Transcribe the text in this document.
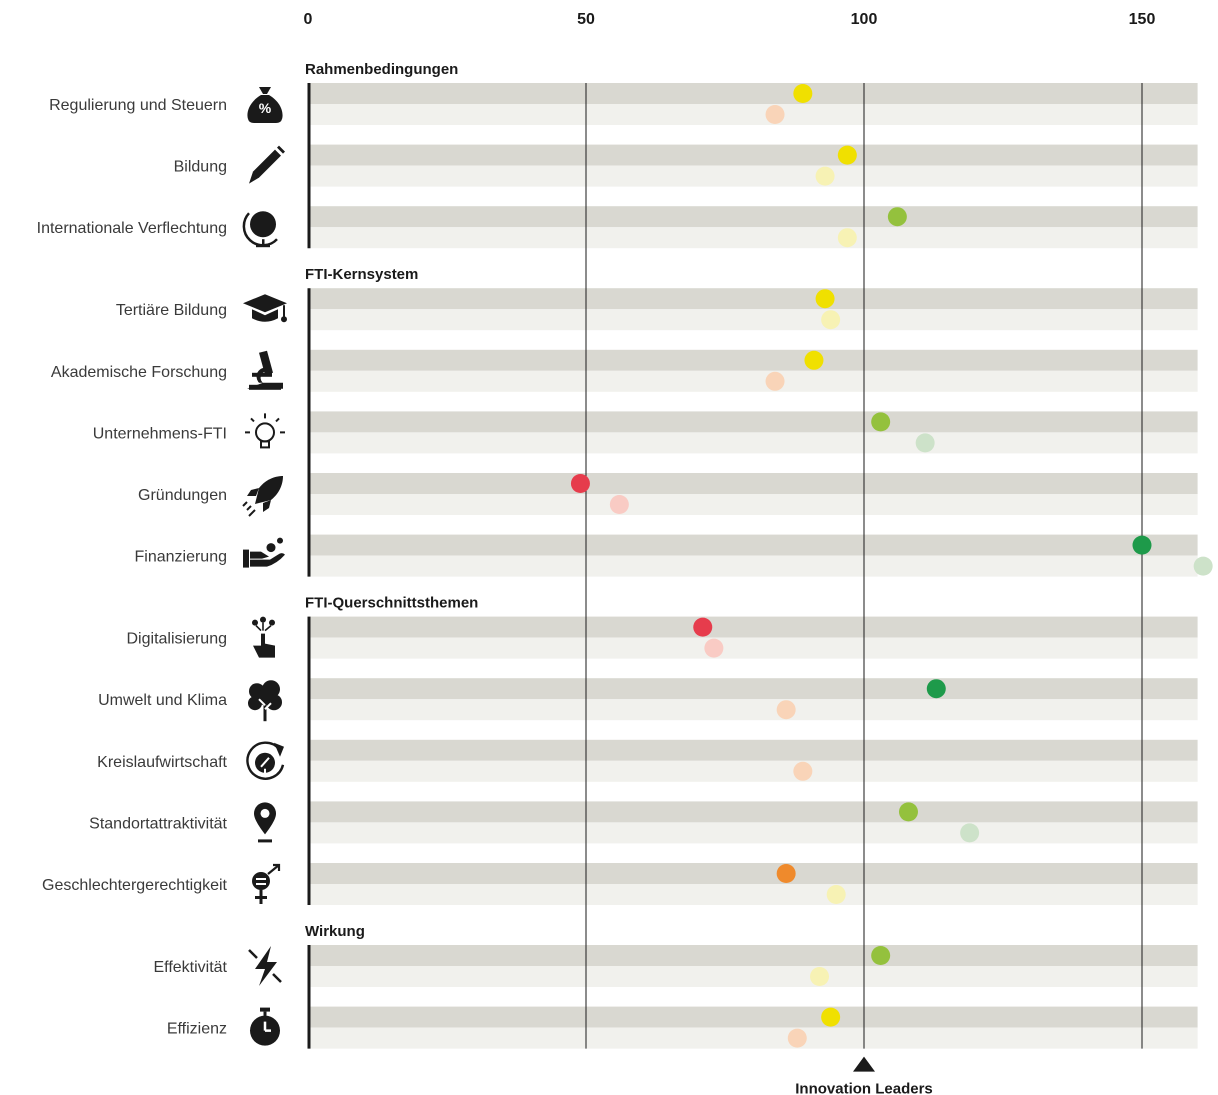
0	50	100	150
Rahmenbedingungen
Regulierung und Steuern
Bildung
Internationale Verflechtung
FTI-Kernsystem
Tertiäre Bildung
Akademische Forschung
Unternehmens-FTI
Gründungen
Finanzierung
FTI-Querschnittsthemen
Digitalisierung
Umwelt und Klima
Kreislaufwirtschaft
Standortattraktivität
Geschlechtergerechtigkeit
Wirkung
Effektivität
Effizienz
Innovation Leaders
%
